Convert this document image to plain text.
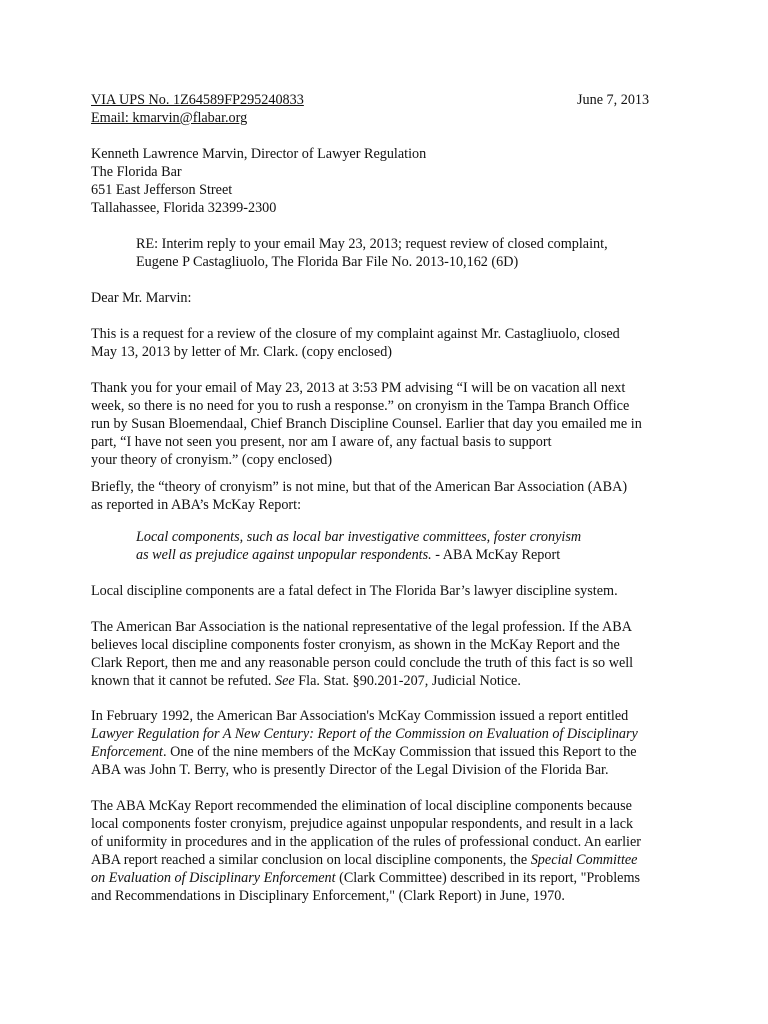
VIA UPS No. 1Z64589FP295240833
Email: kmarvin@flabar.org
June 7, 2013
Kenneth Lawrence Marvin, Director of Lawyer Regulation
The Florida Bar
651 East Jefferson Street
Tallahassee, Florida 32399-2300
RE: Interim reply to your email May 23, 2013; request review of closed complaint,
Eugene P Castagliuolo, The Florida Bar File No. 2013-10,162 (6D)
Dear Mr. Marvin:
This is a request for a review of the closure of my complaint against Mr. Castagliuolo, closed
May 13, 2013 by letter of Mr. Clark. (copy enclosed)
Thank you for your email of May 23, 2013 at 3:53 PM advising “I will be on vacation all next
week, so there is no need for you to rush a response.” on cronyism in the Tampa Branch Office
run by Susan Bloemendaal, Chief Branch Discipline Counsel. Earlier that day you emailed me in
part, “I have not seen you present, nor am I aware of, any factual basis to support
your theory of cronyism.” (copy enclosed)
Briefly, the “theory of cronyism” is not mine, but that of the American Bar Association (ABA)
as reported in ABA’s McKay Report:
Local components, such as local bar investigative committees, foster cronyism
as well as prejudice against unpopular respondents. - ABA McKay Report
Local discipline components are a fatal defect in The Florida Bar’s lawyer discipline system.
The American Bar Association is the national representative of the legal profession. If the ABA
believes local discipline components foster cronyism, as shown in the McKay Report and the
Clark Report, then me and any reasonable person could conclude the truth of this fact is so well
known that it cannot be refuted. See Fla. Stat. §90.201-207, Judicial Notice.
In February 1992, the American Bar Association's McKay Commission issued a report entitled
Lawyer Regulation for A New Century: Report of the Commission on Evaluation of Disciplinary
Enforcement. One of the nine members of the McKay Commission that issued this Report to the
ABA was John T. Berry, who is presently Director of the Legal Division of the Florida Bar.
The ABA McKay Report recommended the elimination of local discipline components because
local components foster cronyism, prejudice against unpopular respondents, and result in a lack
of uniformity in procedures and in the application of the rules of professional conduct. An earlier
ABA report reached a similar conclusion on local discipline components, the Special Committee
on Evaluation of Disciplinary Enforcement (Clark Committee) described in its report, "Problems
and Recommendations in Disciplinary Enforcement," (Clark Report) in June, 1970.
